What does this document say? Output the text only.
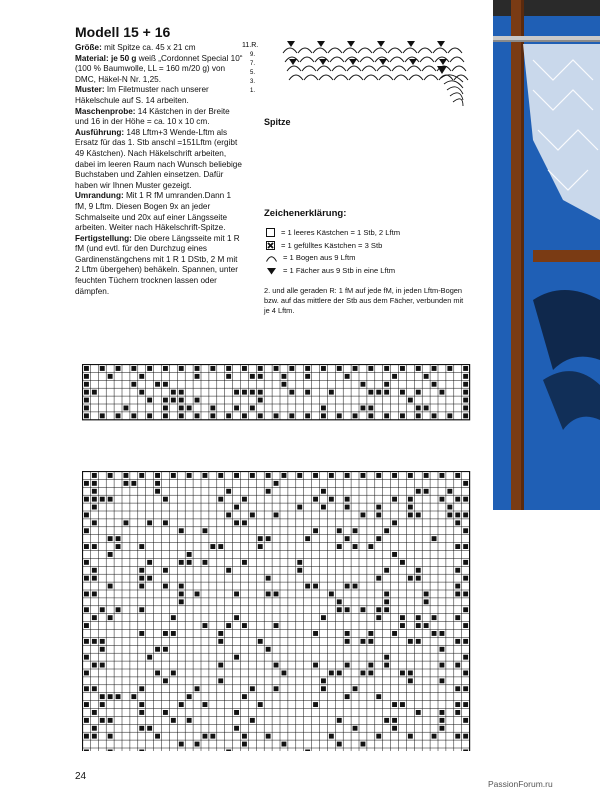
Modell 15 + 16

Größe: mit Spitze ca. 45 x 21 cm

Material: je 50 g weiß „Cordonnet Special 10“ (100 % Baumwolle, LL = 160 m/20 g) von DMC, Häkel-N Nr. 1,25.

Muster: Im Filetmuster nach unserer Häkelschule auf S. 14 arbeiten.

Maschenprobe: 14 Kästchen in der Breite und 16 in der Höhe = ca. 10 x 10 cm.

Ausführung: 148 Lftm+3 Wende-Lftm als Ersatz für das 1. Stb anschl =151Lftm (ergibt 49 Kästchen). Nach Häkelschrift arbeiten, dabei im leeren Raum nach Wunsch beliebige Buchstaben und Zahlen einsetzen. Dafür haben wir Ihnen Muster gezeigt.

Umrandung: Mit 1 R fM umranden.Dann 1 fM, 9 Lftm. Diesen Bogen 9x an jeder Schmalseite und 20x auf einer Längsseite arbeiten. Weiter nach Häkelschrift-Spitze.

Fertigstellung: Die obere Längsseite mit 1 R fM (und evtl. für den Durchzug eines Gardinenstängchens mit 1 R 1 DStb, 2 M mit 2 Lftm übergehen) behäkeln. Spannen, unter feuchten Tüchern trocknen lassen oder dämpfen.

11.R.
9.
7.
5.
3.
1.
Spitze
Zeichenerklärung:
= 1 leeres Kästchen = 1 Stb, 2 Lftm
= 1 gefülltes Kästchen = 3 Stb
= 1 Bogen aus 9 Lftm
= 1 Fächer aus 9 Stb in eine Lftm
2. und alle geraden R: 1 fM auf jede fM, in jeden Lftm-Bogen bzw. auf das mittlere der Stb aus dem Fächer, verbunden mit je 4 Lftm.
24
PassionForum.ru
